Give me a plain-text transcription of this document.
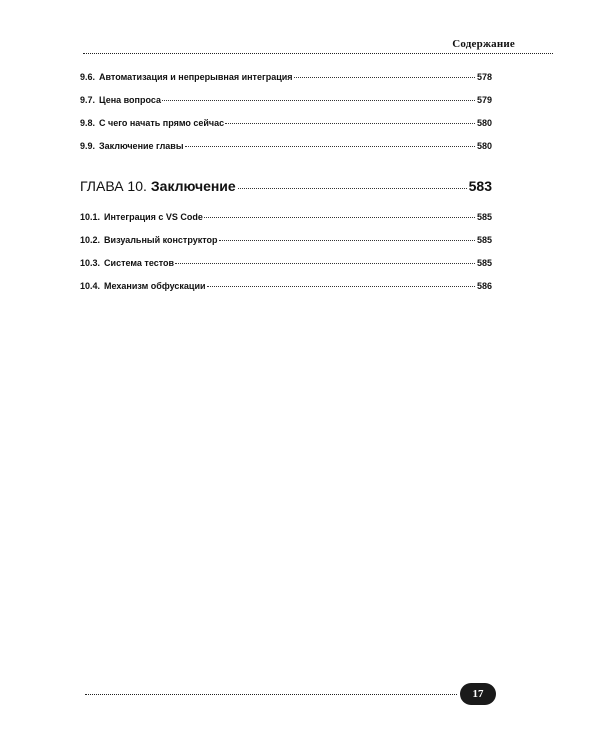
Содержание
9.6. Автоматизация и непрерывная интеграция	578
9.7. Цена вопроса	579
9.8. С чего начать прямо сейчас	580
9.9. Заключение главы	580
ГЛАВА 10. Заключение	583
10.1. Интеграция с VS Code	585
10.2. Визуальный конструктор	585
10.3. Система тестов	585
10.4. Механизм обфускации	586
17
